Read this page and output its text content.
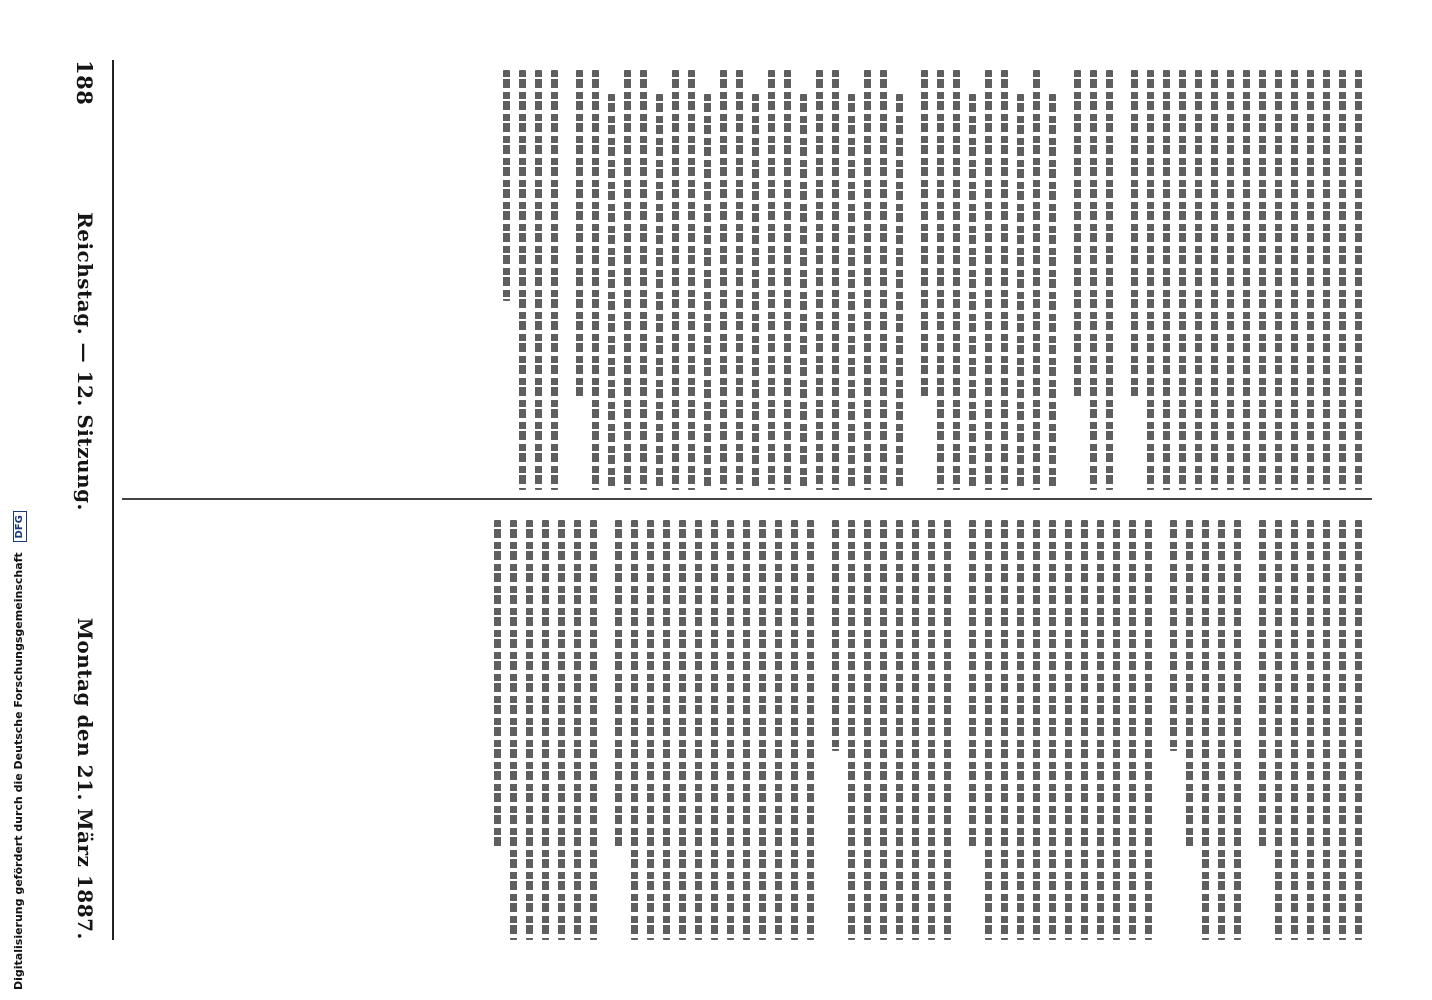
Digitalisierung gefördert durch die Deutsche Forschungsgemeinschaft DFG
188
Reichstag. — 12. Sitzung.
Montag den 21. März 1887.
